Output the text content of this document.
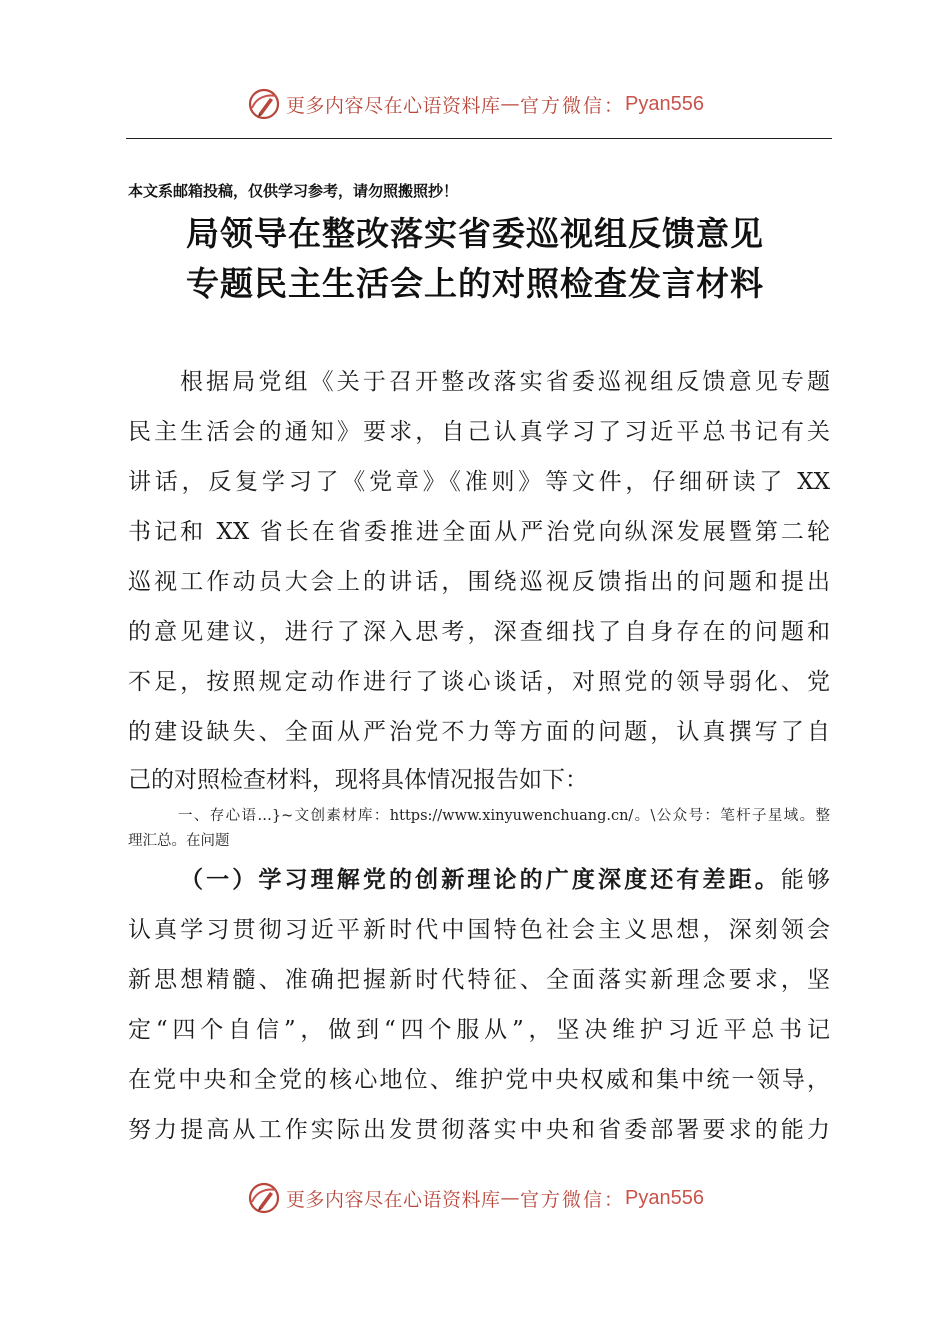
更多内容尽在心语资料库 — 官方微信： Pyan556
本文系邮箱投稿，仅供学习参考，请勿照搬照抄！
局领导在整改落实省委巡视组反馈意见
专题民主生活会上的对照检查发言材料
根据局党组《关于召开整改落实省委巡视组反馈意见专题
民主生活会的通知》要求，自己认真学习了习近平总书记有关
讲话，反复学习了《党章》《准则》等文件，仔细研读了 XX
书记和 XX 省长在省委推进全面从严治党向纵深发展暨第二轮
巡视工作动员大会上的讲话，围绕巡视反馈指出的问题和提出
的意见建议，进行了深入思考，深查细找了自身存在的问题和
不足，按照规定动作进行了谈心谈话，对照党的领导弱化、党
的建设缺失、全面从严治党不力等方面的问题，认真撰写了自
己的对照检查材料，现将具体情况报告如下：
一、存心语…}~文创素材库：https://www.xinyuwenchuang.cn/。\公众号：笔杆子星域。整
理汇总。在问题
（一）学习理解党的创新理论的广度深度还有差距。能够
认真学习贯彻习近平新时代中国特色社会主义思想，深刻领会
新思想精髓、准确把握新时代特征、全面落实新理念要求，坚
定“四个自信”，做到“四个服从”，坚决维护习近平总书记
在党中央和全党的核心地位、维护党中央权威和集中统一领导，
努力提高从工作实际出发贯彻落实中央和省委部署要求的能力
更多内容尽在心语资料库 — 官方微信： Pyan556
